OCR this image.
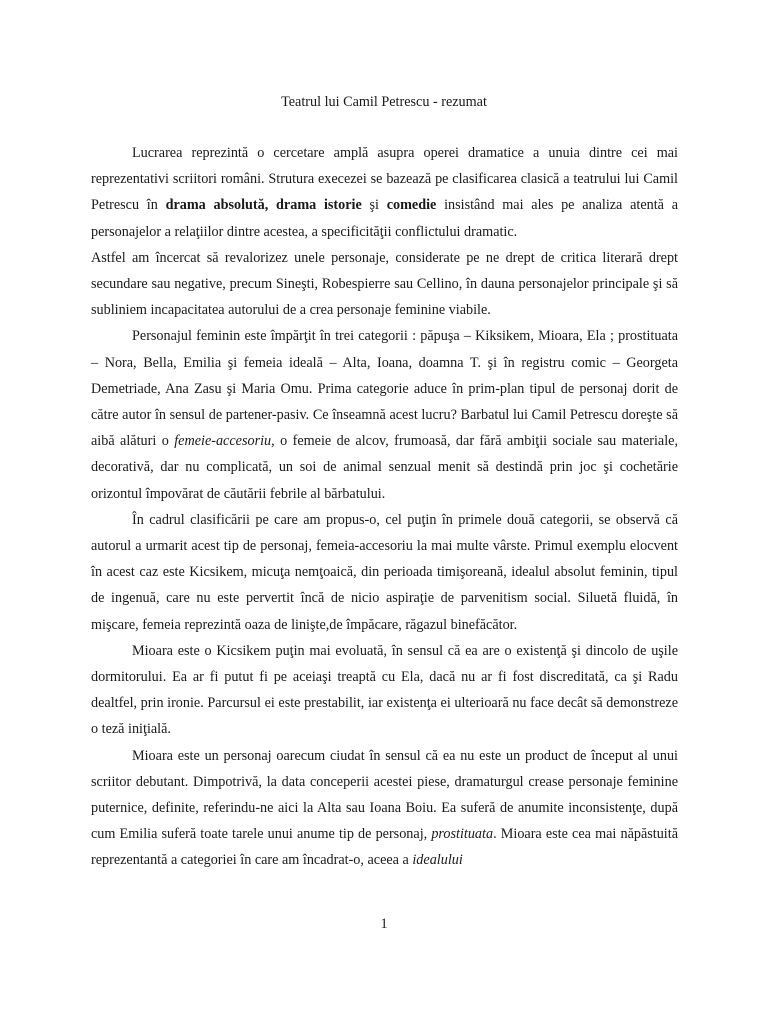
Teatrul lui Camil Petrescu - rezumat

Lucrarea reprezintă o cercetare amplă asupra operei dramatice a unuia dintre cei mai reprezentativi scriitori români. Strutura execezei se bazează pe clasificarea clasică a teatrului lui Camil Petrescu în drama absolută, drama istorie şi comedie insistând mai ales pe analiza atentă a personajelor a relaţiilor dintre acestea, a specificităţii conflictului dramatic.

Astfel am încercat să revalorizez unele personaje, considerate pe ne drept de critica literară drept secundare sau negative, precum Sineşti, Robespierre sau Cellino, în dauna personajelor principale şi să subliniem incapacitatea autorului de a crea personaje feminine viabile.

Personajul feminin este împărţit în trei categorii : păpuşa – Kiksikem, Mioara, Ela ; prostituata – Nora, Bella, Emilia şi femeia ideală – Alta, Ioana, doamna T. şi în registru comic – Georgeta Demetriade, Ana Zasu şi Maria Omu. Prima categorie aduce în prim-plan tipul de personaj dorit de către autor în sensul de partener-pasiv. Ce înseamnă acest lucru? Barbatul lui Camil Petrescu doreşte să aibă alături o femeie-accesoriu, o femeie de alcov, frumoasă, dar fără ambiţii sociale sau materiale, decorativă, dar nu complicată, un soi de animal senzual menit să destindă prin joc şi cochetărie orizontul împovărat de căutării febrile al bărbatului.

În cadrul clasificării pe care am propus-o, cel puţin în primele două categorii, se observă că autorul a urmarit acest tip de personaj, femeia-accesoriu la mai multe vârste. Primul exemplu elocvent în acest caz este Kicsikem, micuţa nemţoaică, din perioada timişoreană, idealul absolut feminin, tipul de ingenuă, care nu este pervertit încă de nicio aspiraţie de parvenitism social. Siluetă fluidă, în mişcare, femeia reprezintă oaza de linişte,de împăcare, răgazul binefăcător.

Mioara este o Kicsikem puţin mai evoluată, în sensul că ea are o existenţă şi dincolo de uşile dormitorului. Ea ar fi putut fi pe aceiaşi treaptă cu Ela, dacă nu ar fi fost discreditată, ca şi Radu dealtfel, prin ironie. Parcursul ei este prestabilit, iar existenţa ei ulterioară nu face decât să demonstreze o teză iniţială.

Mioara este un personaj oarecum ciudat în sensul că ea nu este un product de început al unui scriitor debutant. Dimpotrivă, la data conceperii acestei piese, dramaturgul crease personaje feminine puternice, definite, referindu-ne aici la Alta sau Ioana Boiu. Ea suferă de anumite inconsistenţe, după cum Emilia suferă toate tarele unui anume tip de personaj, prostituata. Mioara este cea mai năpăstuită reprezentantă a categoriei în care am încadrat-o, aceea a idealului

1
